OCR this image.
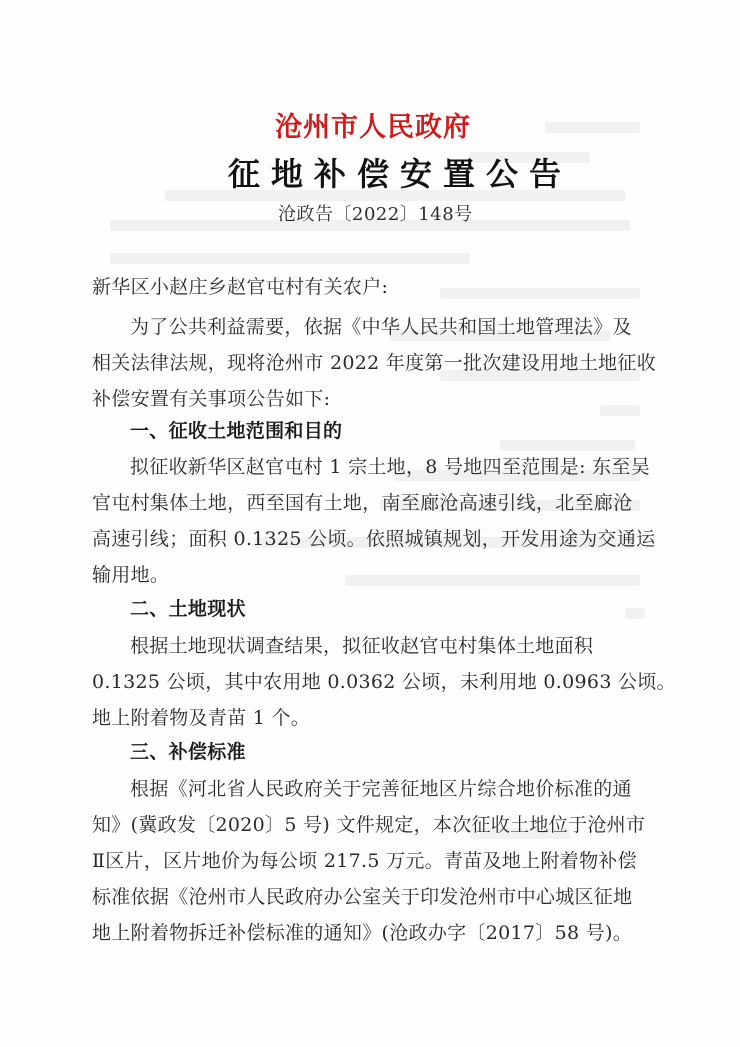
沧州市人民政府
征地补偿安置公告
沧政告〔2022〕148号
新华区小赵庄乡赵官屯村有关农户:
为了公共利益需要，依据《中华人民共和国土地管理法》及
相关法律法规，现将沧州市 2022 年度第一批次建设用地土地征收
补偿安置有关事项公告如下:
一、征收土地范围和目的
拟征收新华区赵官屯村 1 宗土地，8 号地四至范围是: 东至吴
官屯村集体土地，西至国有土地，南至廊沧高速引线，北至廊沧
高速引线；面积 0.1325 公顷。依照城镇规划，开发用途为交通运
输用地。
二、土地现状
根据土地现状调查结果，拟征收赵官屯村集体土地面积
0.1325 公顷，其中农用地 0.0362 公顷，未利用地 0.0963 公顷。
地上附着物及青苗 1 个。
三、补偿标准
根据《河北省人民政府关于完善征地区片综合地价标准的通
知》(冀政发〔2020〕5 号) 文件规定，本次征收土地位于沧州市
Ⅱ区片，区片地价为每公顷 217.5 万元。青苗及地上附着物补偿
标准依据《沧州市人民政府办公室关于印发沧州市中心城区征地
地上附着物拆迁补偿标准的通知》(沧政办字〔2017〕58 号)。
